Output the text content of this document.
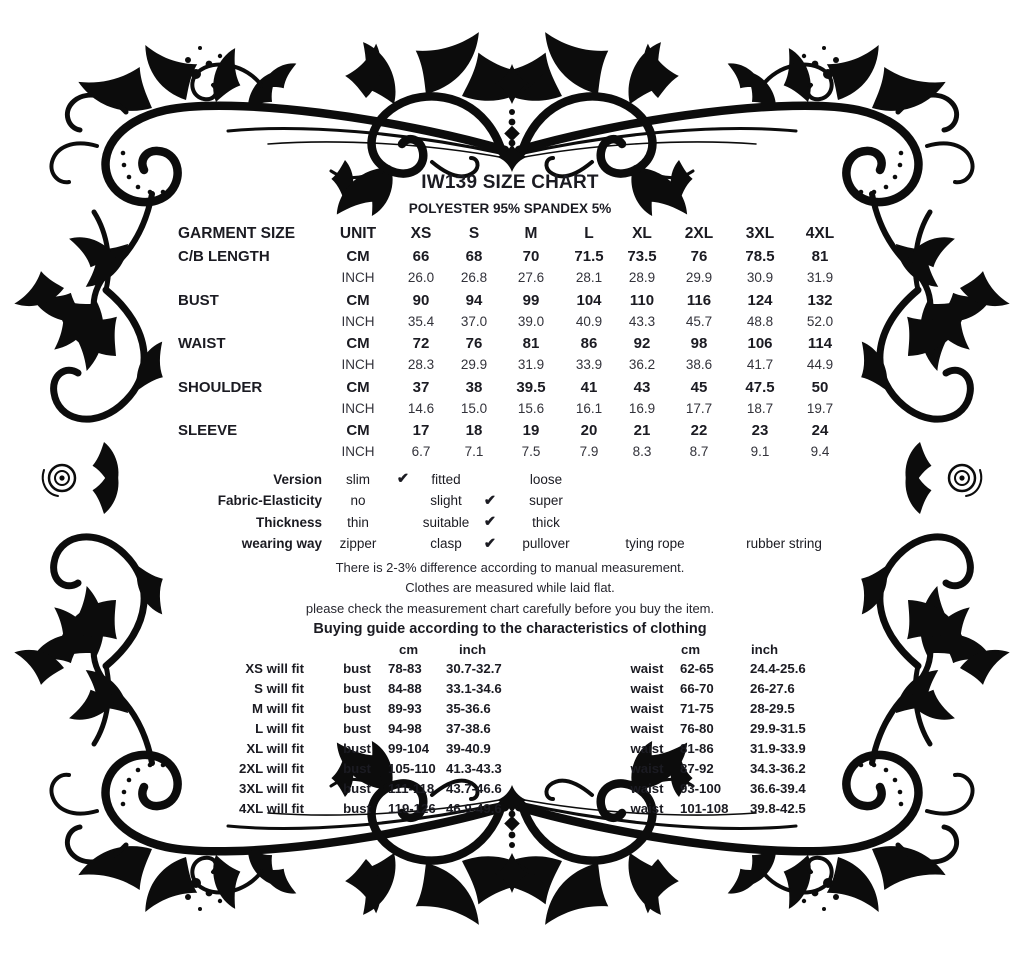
IW139 SIZE CHART
POLYESTER 95% SPANDEX 5%
GARMENT SIZE	UNIT	XS	S	M	L	XL	2XL	3XL	4XL
C/B LENGTH	CM	66	68	70	71.5	73.5	76	78.5	81
INCH	26.0	26.8	27.6	28.1	28.9	29.9	30.9	31.9
BUST	CM	90	94	99	104	110	116	124	132
INCH	35.4	37.0	39.0	40.9	43.3	45.7	48.8	52.0
WAIST	CM	72	76	81	86	92	98	106	114
INCH	28.3	29.9	31.9	33.9	36.2	38.6	41.7	44.9
SHOULDER	CM	37	38	39.5	41	43	45	47.5	50
INCH	14.6	15.0	15.6	16.1	16.9	17.7	18.7	19.7
SLEEVE	CM	17	18	19	20	21	22	23	24
INCH	6.7	7.1	7.5	7.9	8.3	8.7	9.1	9.4
Version	slim	✔	fitted	loose
Fabric-Elasticity	no	slight	✔	super
Thickness	thin	suitable	✔	thick
wearing way	zipper	clasp	✔	pullover	tying rope	rubber string
There is 2-3% difference according to manual measurement.
Clothes are measured while laid flat.
please check the measurement chart carefully before you buy the item.
Buying guide according to the characteristics of clothing
cm	inch	cm	inch
XS will fit	bust	78-83	30.7-32.7	waist	62-65	24.4-25.6
S will fit	bust	84-88	33.1-34.6	waist	66-70	26-27.6
M will fit	bust	89-93	35-36.6	waist	71-75	28-29.5
L will fit	bust	94-98	37-38.6	waist	76-80	29.9-31.5
XL will fit	bust	99-104	39-40.9	waist	81-86	31.9-33.9
2XL will fit	bust	105-110 41.3-43.3	waist	87-92	34.3-36.2
3XL will fit	bust	111-118 43.7-46.6	waist	93-100	36.6-39.4
4XL will fit	bust	119-126 46.9-49.6	waist	101-108	39.8-42.5
